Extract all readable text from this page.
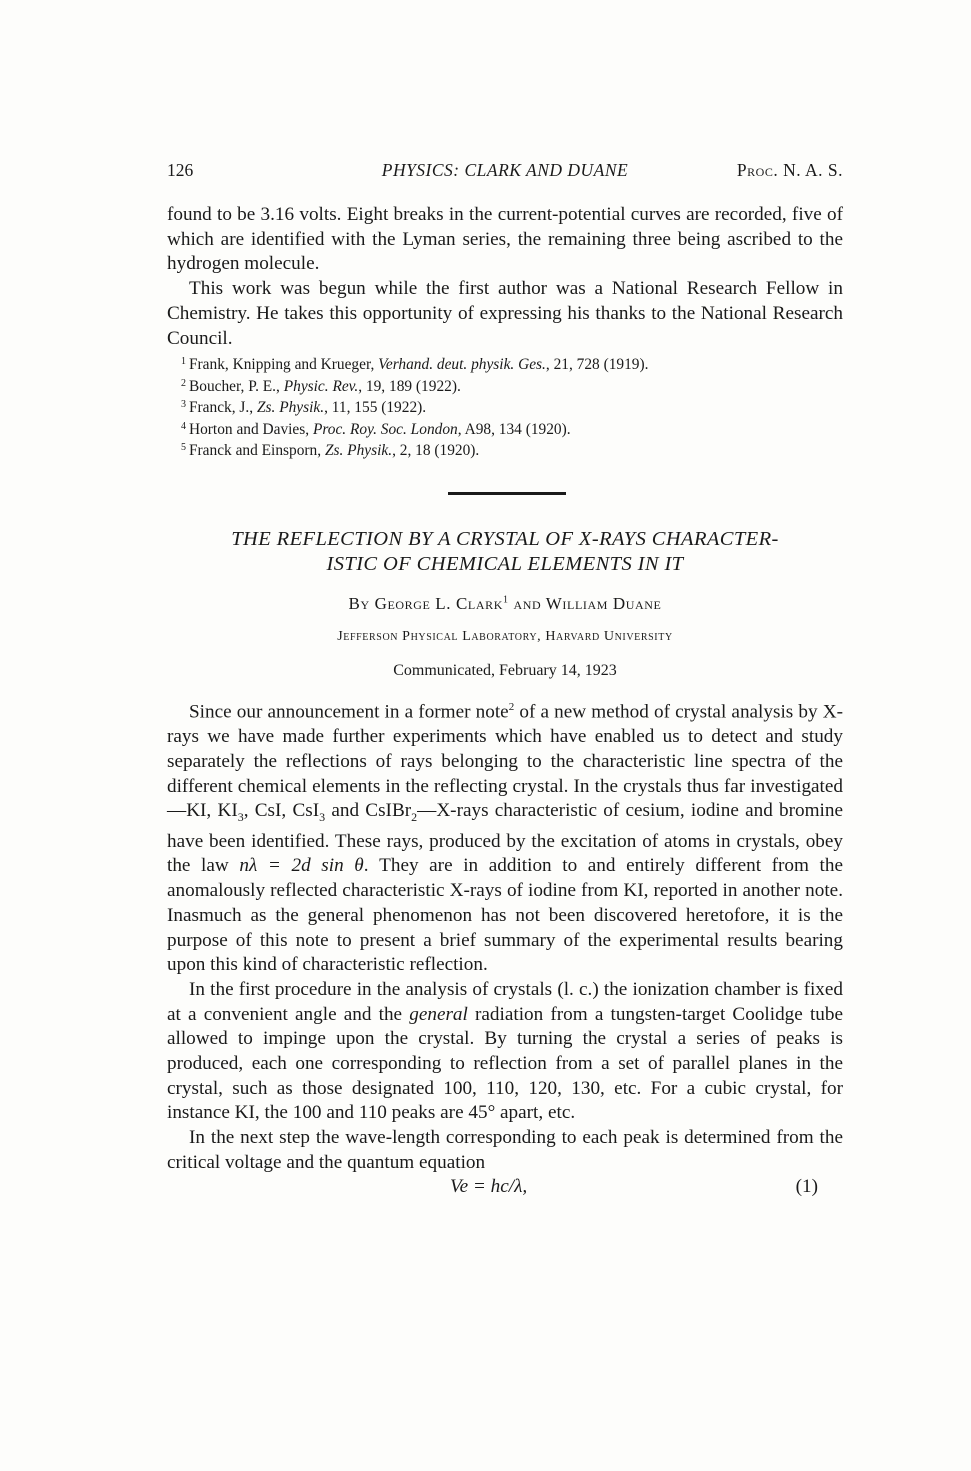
126	PHYSICS: CLARK AND DUANE	Proc. N. A. S.

found to be 3.16 volts. Eight breaks in the current-potential curves are recorded, five of which are identified with the Lyman series, the remaining three being ascribed to the hydrogen molecule.

This work was begun while the first author was a National Research Fellow in Chemistry. He takes this opportunity of expressing his thanks to the National Research Council.

1 Frank, Knipping and Krueger, Verhand. deut. physik. Ges., 21, 728 (1919).

2 Boucher, P. E., Physic. Rev., 19, 189 (1922).

3 Franck, J., Zs. Physik., 11, 155 (1922).

4 Horton and Davies, Proc. Roy. Soc. London, A98, 134 (1920).

5 Franck and Einsporn, Zs. Physik., 2, 18 (1920).

THE REFLECTION BY A CRYSTAL OF X-RAYS CHARACTER-
ISTIC OF CHEMICAL ELEMENTS IN IT
By George L. Clark$^1$ and William Duane
Jefferson Physical Laboratory, Harvard University
Communicated, February 14, 1923

Since our announcement in a former note$^2$ of a new method of crystal analysis by X-rays we have made further experiments which have enabled us to detect and study separately the reflections of rays belonging to the characteristic line spectra of the different chemical elements in the reflecting crystal. In the crystals thus far investigated—KI, $KI_3$, CsI, CsI$_3$ and CsIBr$_2$—X-rays characteristic of cesium, iodine and bromine have been identified. These rays, produced by the excitation of atoms in crystals, obey the law nλ = 2d sin θ. They are in addition to and entirely different from the anomalously reflected characteristic X-rays of iodine from KI, reported in another note. Inasmuch as the general phenomenon has not been discovered heretofore, it is the purpose of this note to present a brief summary of the experimental results bearing upon this kind of characteristic reflection.

In the first procedure in the analysis of crystals (l. c.) the ionization chamber is fixed at a convenient angle and the general radiation from a tungsten-target Coolidge tube allowed to impinge upon the crystal. By turning the crystal a series of peaks is produced, each one corresponding to reflection from a set of parallel planes in the crystal, such as those designated 100, 110, 120, 130, etc. For a cubic crystal, for instance KI, the 100 and 110 peaks are 45° apart, etc.

In the next step the wave-length corresponding to each peak is determined from the critical voltage and the quantum equation

Ve = hc/λ,	(1)
